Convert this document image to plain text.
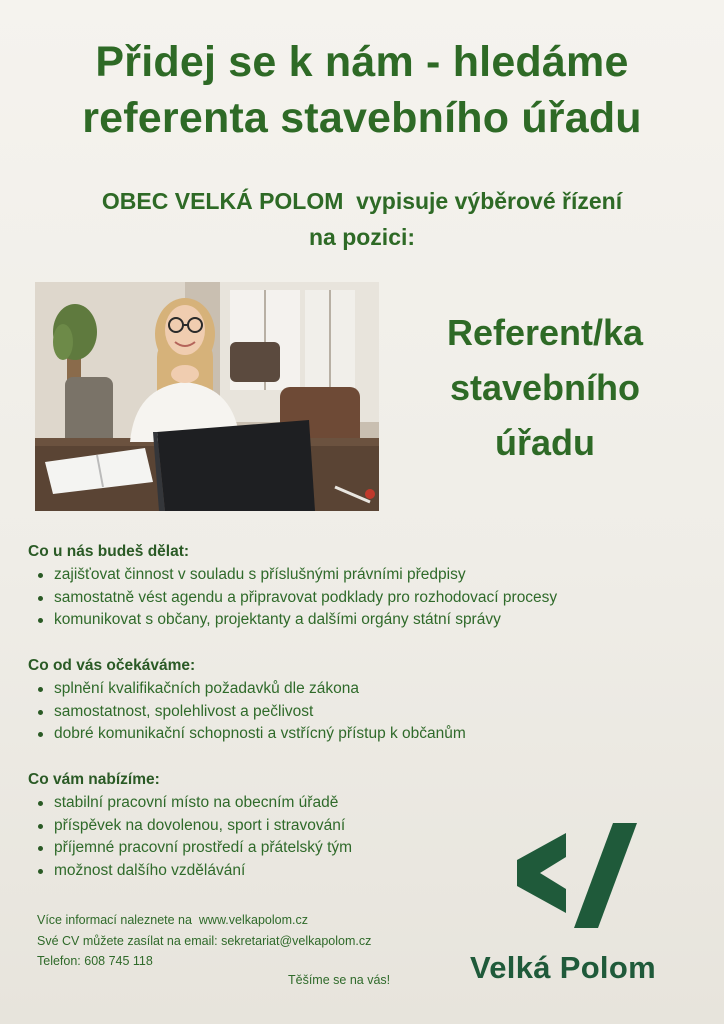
Přidej se k nám - hledáme
referenta stavebního úřadu
OBEC VELKÁ POLOM  vypisuje výběrové řízení
na pozici:
Referent/ka
stavebního
úřadu
Co u nás budeš dělat:
zajišťovat činnost v souladu s příslušnými právními předpisy
samostatně vést agendu a připravovat podklady pro rozhodovací procesy
komunikovat s občany, projektanty a dalšími orgány státní správy
Co od vás očekáváme:
splnění kvalifikačních požadavků dle zákona
samostatnost, spolehlivost a pečlivost
dobré komunikační schopnosti a vstřícný přístup k občanům
Co vám nabízíme:
stabilní pracovní místo na obecním úřadě
příspěvek na dovolenou, sport i stravování
příjemné pracovní prostředí a přátelský tým
možnost dalšího vzdělávání
Více informací naleznete na  www.velkapolom.cz
Své CV můžete zasílat na email: sekretariat@velkapolom.cz
Telefon: 608 745 118
Těšíme se na vás!	Velká Polom
